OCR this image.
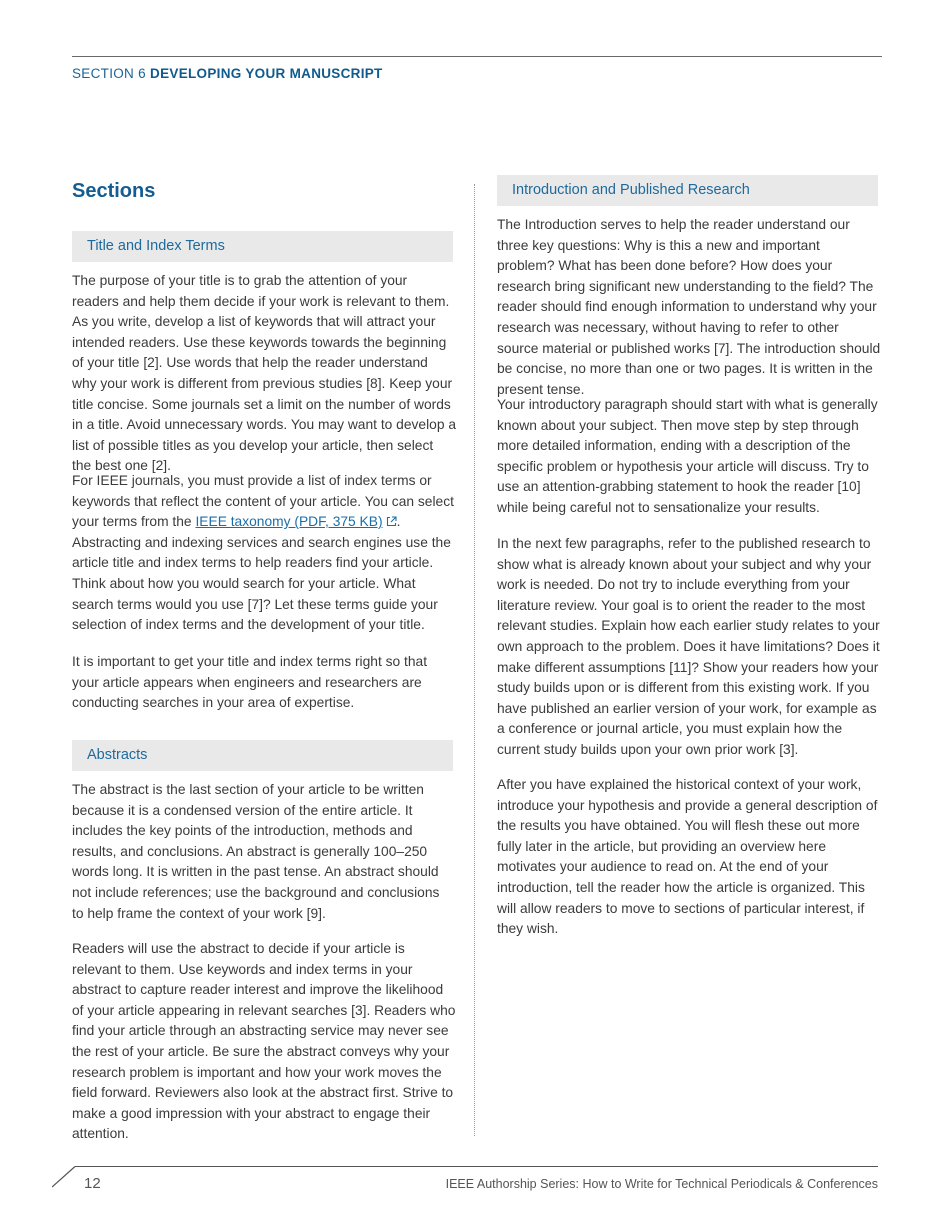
SECTION 6 DEVELOPING YOUR MANUSCRIPT
Sections
Title and Index Terms

The purpose of your title is to grab the attention of your readers and help them decide if your work is relevant to them. As you write, develop a list of keywords that will attract your intended readers. Use these keywords towards the beginning of your title [2]. Use words that help the reader understand why your work is different from previous studies [8]. Keep your title concise. Some journals set a limit on the number of words in a title. Avoid unnecessary words. You may want to develop a list of possible titles as you develop your article, then select the best one [2].

For IEEE journals, you must provide a list of index terms or keywords that reflect the content of your article. You can select your terms from the IEEE taxonomy (PDF, 375 KB) . Abstracting and indexing services and search engines use the article title and index terms to help readers find your article. Think about how you would search for your article. What search terms would you use [7]? Let these terms guide your selection of index terms and the development of your title.

It is important to get your title and index terms right so that your article appears when engineers and researchers are conducting searches in your area of expertise.

Abstracts

The abstract is the last section of your article to be written because it is a condensed version of the entire article. It includes the key points of the introduction, methods and results, and conclusions. An abstract is generally 100–250 words long. It is written in the past tense. An abstract should not include references; use the background and conclusions to help frame the context of your work [9].

Readers will use the abstract to decide if your article is relevant to them. Use keywords and index terms in your abstract to capture reader interest and improve the likelihood of your article appearing in relevant searches [3]. Readers who find your article through an abstracting service may never see the rest of your article. Be sure the abstract conveys why your research problem is important and how your work moves the field forward. Reviewers also look at the abstract first. Strive to make a good impression with your abstract to engage their attention.

Introduction and Published Research

The Introduction serves to help the reader understand our three key questions: Why is this a new and important problem? What has been done before? How does your research bring significant new understanding to the field? The reader should find enough information to understand why your research was necessary, without having to refer to other source material or published works [7]. The introduction should be concise, no more than one or two pages. It is written in the present tense.

Your introductory paragraph should start with what is generally known about your subject. Then move step by step through more detailed information, ending with a description of the specific problem or hypothesis your article will discuss. Try to use an attention-grabbing statement to hook the reader [10] while being careful not to sensationalize your results.

In the next few paragraphs, refer to the published research to show what is already known about your subject and why your work is needed. Do not try to include everything from your literature review. Your goal is to orient the reader to the most relevant studies. Explain how each earlier study relates to your own approach to the problem. Does it have limitations? Does it make different assumptions [11]? Show your readers how your study builds upon or is different from this existing work. If you have published an earlier version of your work, for example as a conference or journal article, you must explain how the current study builds upon your own prior work [3].

After you have explained the historical context of your work, introduce your hypothesis and provide a general description of the results you have obtained. You will flesh these out more fully later in the article, but providing an overview here motivates your audience to read on. At the end of your introduction, tell the reader how the article is organized. This will allow readers to move to sections of particular interest, if they wish.

12	IEEE Authorship Series: How to Write for Technical Periodicals & Conferences
